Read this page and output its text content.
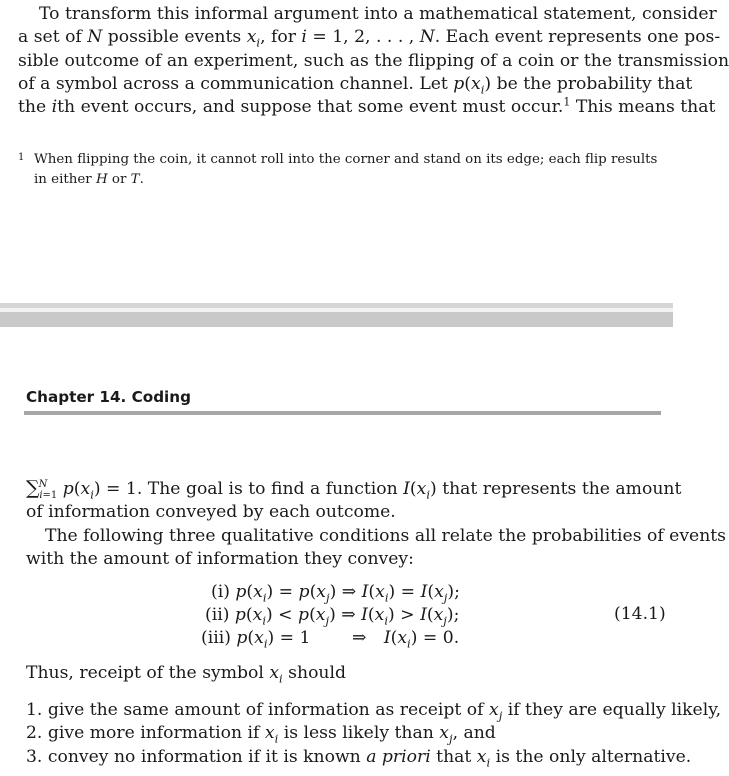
To transform this informal argument into a mathematical statement, consider
a set of N possible events $x_i$, for i = 1, 2, . . . , N. Each event represents one pos-
sible outcome of an experiment, such as the flipping of a coin or the transmission
of a symbol across a communication channel. Let $p(x_i)$ be the probability that
the ith event occurs, and suppose that some event must occur.$^1$ This means that
1 When flipping the coin, it cannot roll into the corner and stand on its edge; each flip results
in either H or T.
Chapter 14. Coding
∑$^N_{i=1}$ $p(x_i) = 1$. The goal is to find a function $I(x_i)$ that represents the amount
of information conveyed by each outcome.
The following three qualitative conditions all relate the probabilities of events
with the amount of information they convey:
(i) $p(x_i) = p(x_j)$ ⇒ $I(x_i) = I(x_j)$;
(ii) $p(x_i) < p(x_j)$ ⇒ $I(x_i) > I(x_j)$;
(iii) $p(x_i) = 1$ ⇒ $I(x_i) = 0$.
(14.1)
Thus, receipt of the symbol $x_i$ should
1. give the same amount of information as receipt of $x_j$ if they are equally likely,
2. give more information if $x_i$ is less likely than $x_j$, and
3. convey no information if it is known a priori that $x_i$ is the only alternative.
